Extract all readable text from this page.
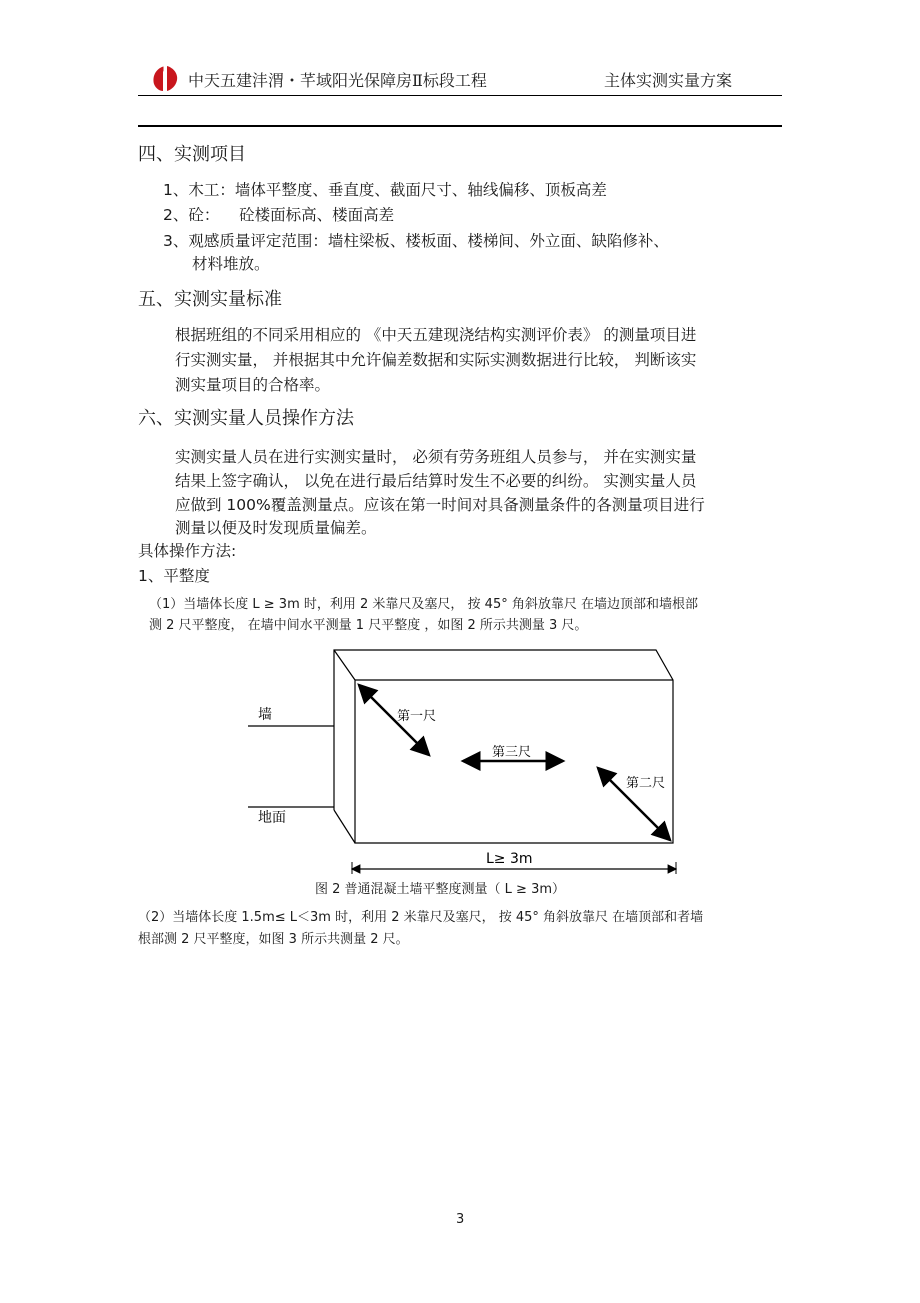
中天五建沣渭・芊域阳光保障房Ⅱ标段工程	主体实测实量方案
四、实测项目
1、木工：墙体平整度、垂直度、截面尺寸、轴线偏移、顶板高差
2、砼：    砼楼面标高、楼面高差
3、观感质量评定范围：墙柱梁板、楼板面、楼梯间、外立面、缺陷修补、
材料堆放。
五、实测实量标准
根据班组的不同采用相应的 《中天五建现浇结构实测评价表》 的测量项目进
行实测实量， 并根据其中允许偏差数据和实际实测数据进行比较， 判断该实
测实量项目的合格率。
六、实测实量人员操作方法
实测实量人员在进行实测实量时， 必须有劳务班组人员参与， 并在实测实量
结果上签字确认， 以免在进行最后结算时发生不必要的纠纷。 实测实量人员
应做到 100%覆盖测量点。应该在第一时间对具备测量条件的各测量项目进行
测量以便及时发现质量偏差。
具体操作方法:
1、平整度
（1）当墙体长度 L ≥ 3m 时，利用 2 米靠尺及塞尺， 按 45° 角斜放靠尺 在墙边顶部和墙根部
测 2 尺平整度， 在墙中间水平测量 1 尺平整度 ，如图 2 所示共测量 3 尺。
墙
地面
第一尺
第三尺
第二尺
L≥ 3m
图 2 普通混凝土墙平整度测量（ L ≥ 3m）
（2）当墙体长度 1.5m≤ L＜3m 时，利用 2 米靠尺及塞尺， 按 45° 角斜放靠尺 在墙顶部和者墙
根部测 2 尺平整度，如图 3 所示共测量 2 尺。
3
